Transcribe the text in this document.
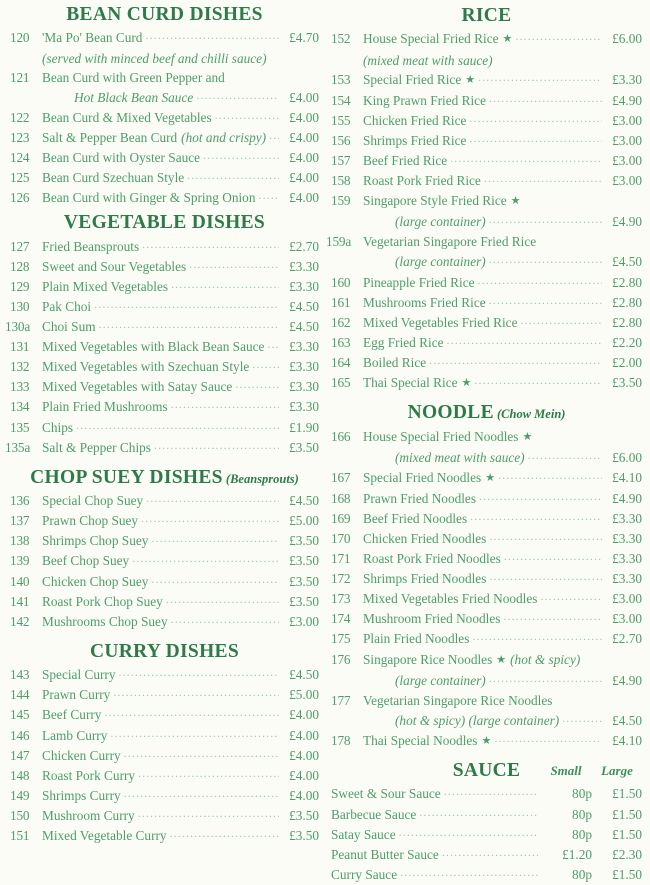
BEAN CURD DISHES
120 'Ma Po' Bean Curd .....	£4.70
(served with minced beef and chilli sauce)
121 Bean Curd with Green Pepper and
Hot Black Bean Sauce .....	£4.00
122 Bean Curd & Mixed Vegetables .....	£4.00
123 Salt & Pepper Bean Curd (hot and crispy) .....	£4.00
124 Bean Curd with Oyster Sauce .....	£4.00
125 Bean Curd Szechuan Style .....	£4.00
126 Bean Curd with Ginger & Spring Onion .....	£4.00
VEGETABLE DISHES
127 Fried Beansprouts .....	£2.70
128 Sweet and Sour Vegetables .....	£3.30
129 Plain Mixed Vegetables .....	£3.30
130 Pak Choi .....	£4.50
130a Choi Sum .....	£4.50
131 Mixed Vegetables with Black Bean Sauce .....	£3.30
132 Mixed Vegetables with Szechuan Style .....	£3.30
133 Mixed Vegetables with Satay Sauce .....	£3.30
134 Plain Fried Mushrooms .....	£3.30
135 Chips .....	£1.90
135a Salt & Pepper Chips .....	£3.50
CHOP SUEY DISHES (Beansprouts)
136 Special Chop Suey .....	£4.50
137 Prawn Chop Suey .....	£5.00
138 Shrimps Chop Suey .....	£3.50
139 Beef Chop Suey .....	£3.50
140 Chicken Chop Suey .....	£3.50
141 Roast Pork Chop Suey .....	£3.50
142 Mushrooms Chop Suey .....	£3.00
CURRY DISHES
143 Special Curry .....	£4.50
144 Prawn Curry .....	£5.00
145 Beef Curry .....	£4.00
146 Lamb Curry .....	£4.00
147 Chicken Curry .....	£4.00
148 Roast Pork Curry .....	£4.00
149 Shrimps Curry .....	£4.00
150 Mushroom Curry .....	£3.50
151 Mixed Vegetable Curry .....	£3.50
RICE
152 House Special Fried Rice ★ .....	£6.00
(mixed meat with sauce)
153 Special Fried Rice ★ .....	£3.30
154 King Prawn Fried Rice .....	£4.90
155 Chicken Fried Rice .....	£3.00
156 Shrimps Fried Rice .....	£3.00
157 Beef Fried Rice .....	£3.00
158 Roast Pork Fried Rice .....	£3.00
159 Singapore Style Fried Rice ★
(large container) .....	£4.90
159a Vegetarian Singapore Fried Rice
(large container) .....	£4.50
160 Pineapple Fried Rice .....	£2.80
161 Mushrooms Fried Rice .....	£2.80
162 Mixed Vegetables Fried Rice .....	£2.80
163 Egg Fried Rice .....	£2.20
164 Boiled Rice .....	£2.00
165 Thai Special Rice ★ .....	£3.50
NOODLE (Chow Mein)
166 House Special Fried Noodles ★
(mixed meat with sauce) .....	£6.00
167 Special Fried Noodles ★ .....	£4.10
168 Prawn Fried Noodles .....	£4.90
169 Beef Fried Noodles .....	£3.30
170 Chicken Fried Noodles .....	£3.30
171 Roast Pork Fried Noodles .....	£3.30
172 Shrimps Fried Noodles .....	£3.30
173 Mixed Vegetables Fried Noodles .....	£3.00
174 Mushroom Fried Noodles .....	£3.00
175 Plain Fried Noodles .....	£2.70
176 Singapore Rice Noodles ★ (hot & spicy)
(large container) .....	£4.90
177 Vegetarian Singapore Rice Noodles
(hot & spicy) (large container) .....	£4.50
178 Thai Special Noodles ★ .....	£4.10
SAUCE	Small	Large
Sweet & Sour Sauce .....	80p	£1.50
Barbecue Sauce .....	80p	£1.50
Satay Sauce .....	80p	£1.50
Peanut Butter Sauce .....	£1.20	£2.30
Curry Sauce .....	80p	£1.50
